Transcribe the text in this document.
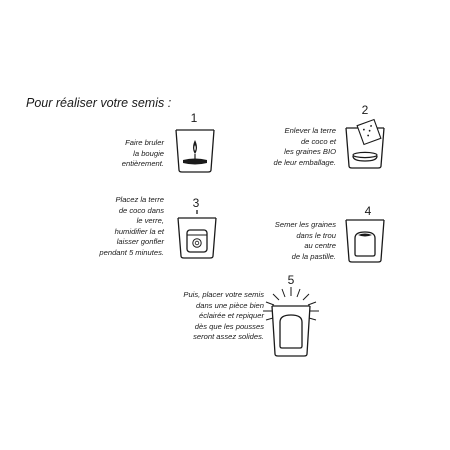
Pour réaliser votre semis :
Faire bruler
la bougie
entièrement.
1
Enlever la terre
de coco et
les graines BIO
de leur emballage.
2
Placez la terre
de coco dans
le verre,
humidifier la et
laisser gonfler
pendant 5 minutes.
3
Semer les graines
dans le trou
au centre
de la pastille.
4
Puis, placer votre semis
dans une pièce bien
éclairée et repiquer
dès que les pousses
seront assez solides.
5
